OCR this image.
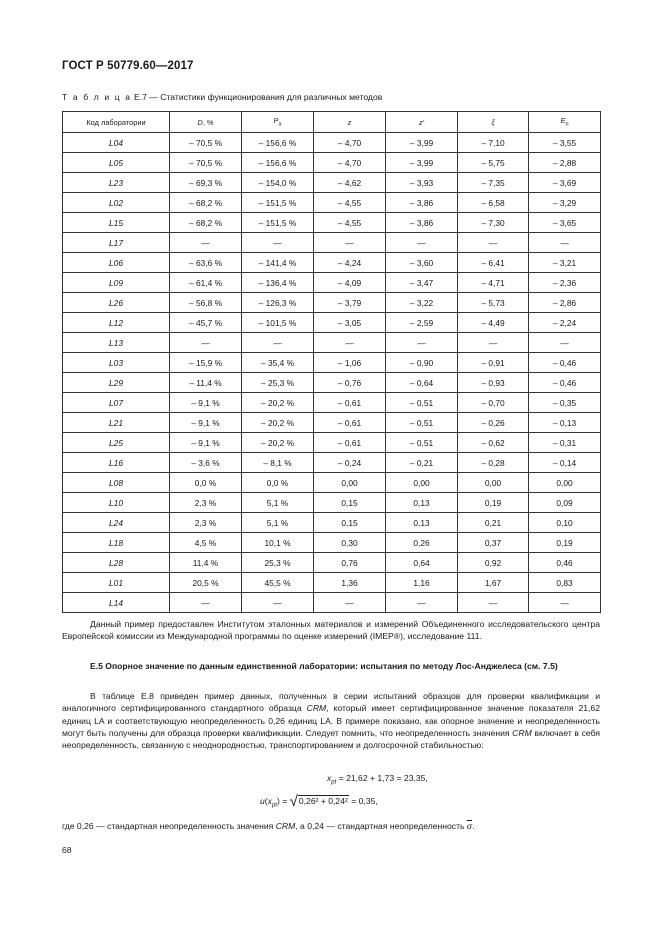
ГОСТ Р 50779.60—2017
Т а б л и ц а Е.7 — Статистики функционирования для различных методов
Код лаборатории	D, %	$P_a$	z	z'	ξ	$E_n$
L04	– 70,5 %	– 156,6 %	– 4,70	– 3,99	– 7,10	– 3,55
L05	– 70,5 %	– 156,6 %	– 4,70	– 3,99	– 5,75	– 2,88
L23	– 69,3 %	– 154,0 %	– 4,62	– 3,93	– 7,35	– 3,69
L02	– 68,2 %	– 151,5 %	– 4,55	– 3,86	– 6,58	– 3,29
L15	– 68,2 %	– 151,5 %	– 4,55	– 3,86	– 7,30	– 3,65
L17	—	—	—	—	—	—
L06	– 63,6 %	– 141,4 %	– 4,24	– 3,60	– 6,41	– 3,21
L09	– 61,4 %	– 136,4 %	– 4,09	– 3,47	– 4,71	– 2,36
L26	– 56,8 %	– 126,3 %	– 3,79	– 3,22	– 5,73	– 2,86
L12	– 45,7 %	– 101,5 %	– 3,05	– 2,59	– 4,49	– 2,24
L13	—	—	—	—	—	—
L03	– 15,9 %	– 35,4 %	– 1,06	– 0,90	– 0,91	– 0,46
L29	– 11,4 %	– 25,3 %	– 0,76	– 0,64	– 0,93	– 0,46
L07	– 9,1 %	– 20,2 %	– 0,61	– 0,51	– 0,70	– 0,35
L21	– 9,1 %	– 20,2 %	– 0,61	– 0,51	– 0,26	– 0,13
L25	– 9,1 %	– 20,2 %	– 0,61	– 0,51	– 0,62	– 0,31
L16	– 3,6 %	– 8,1 %	– 0,24	– 0,21	– 0,28	– 0,14
L08	0,0 %	0,0 %	0,00	0,00	0,00	0,00
L10	2,3 %	5,1 %	0,15	0,13	0,19	0,09
L24	2,3 %	5,1 %	0,15	0,13	0,21	0,10
L18	4,5 %	10,1 %	0,30	0,26	0,37	0,19
L28	11,4 %	25,3 %	0,76	0,64	0,92	0,46
L01	20,5 %	45,5 %	1,36	1,16	1,67	0,83
L14	—	—	—	—	—	—
Данный пример предоставлен Институтом эталонных материалов и измерений Объединенного исследовательского центра Европейской комиссии из Международной программы по оценке измерений (IMEP®), исследование 111.
Е.5 Опорное значение по данным единственной лаборатории: испытания по методу Лос-Анджелеса (см. 7.5)
В таблице Е.8 приведен пример данных, полученных в серии испытаний образцов для проверки квалификации и аналогичного сертифицированного стандартного образца CRM, который имеет сертифицированное значение показателя 21,62 единиц LA и соответствующую неопределенность 0,26 единиц LA. В примере показано, как опорное значение и неопределенность могут быть получены для образца проверки квалификации. Следует помнить, что неопределенность значения CRM включает в себя неопределенность, связанную с неоднородностью, транспортированием и долгосрочной стабильностью:
$x_{pt} = 21,62 + 1,73 = 23,35$,
$u(x_{pt}) = √0,26^2 + 0,24^2 = 0,35$,
где 0,26 — стандартная неопределенность значения CRM, а 0,24 — стандартная неопределенность $\overline{\sigma}$.
68
